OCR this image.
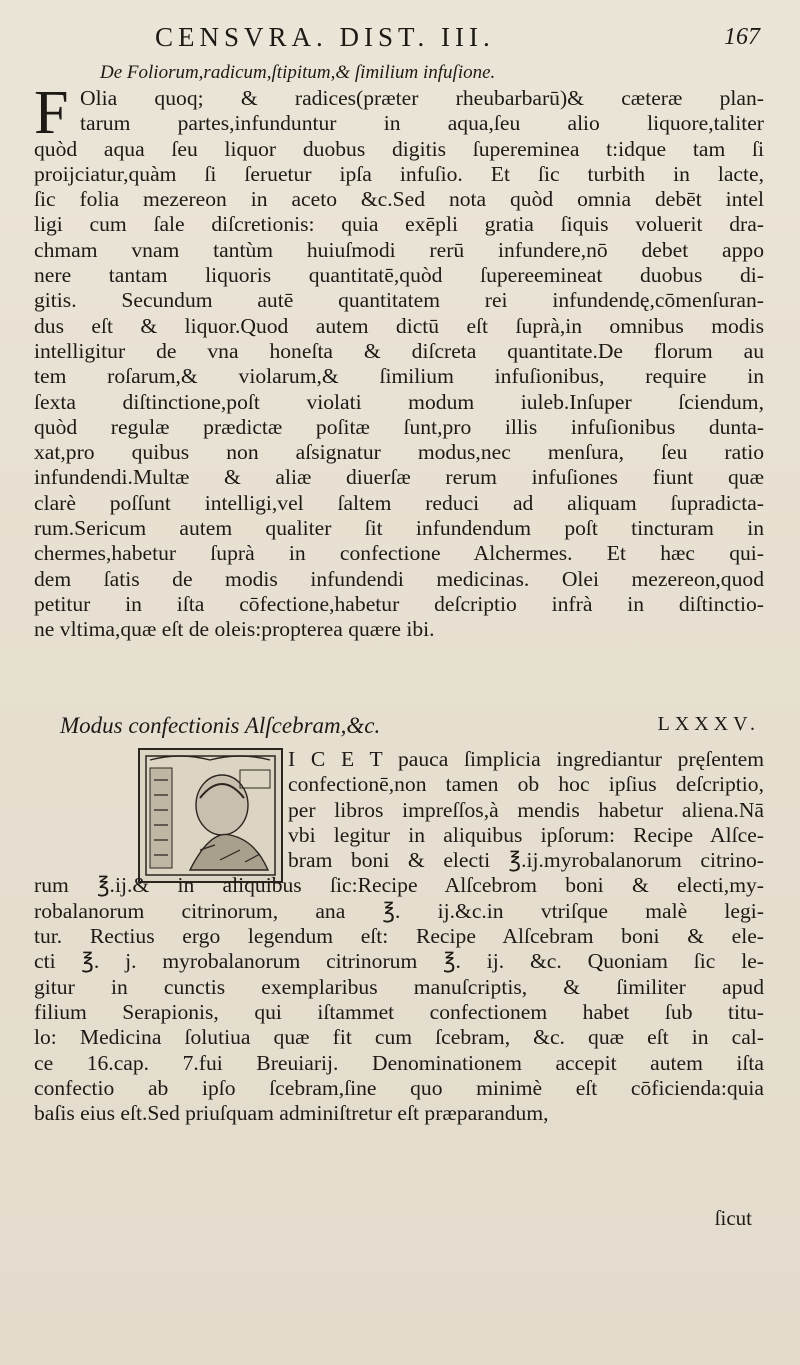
CENSVRA. DIST. III.	167
De Foliorum,radicum,ſtipitum,& ſimilium infuſione.
F Olia quoq; & radices(præter rheubarbarū)& cæteræ plan-
tarum partes,infunduntur in aqua,ſeu alio liquore,taliter
quòd aqua ſeu liquor duobus digitis ſupereminea t:idque tam ſi
proijciatur,quàm ſi ſeruetur ipſa infuſio. Et ſic turbith in lacte,
ſic folia mezereon in aceto &c.Sed nota quòd omnia debēt intel
ligi cum ſale diſcretionis: quia exēpli gratia ſiquis voluerit dra-
chmam vnam tantùm huiuſmodi rerū infundere,nō debet appo
nere tantam liquoris quantitatē,quòd ſupereemineat duobus di-
gitis. Secundum autē quantitatem rei infundendę,cōmenſuran-
dus eſt & liquor.Quod autem dictū eſt ſuprà,in omnibus modis
intelligitur de vna honeſta & diſcreta quantitate.De florum au
tem roſarum,& violarum,& ſimilium infuſionibus, require in
ſexta diſtinctione,poſt violati modum iuleb.Inſuper ſciendum,
quòd regulæ prædictæ poſitæ ſunt,pro illis infuſionibus dunta-
xat,pro quibus non aſsignatur modus,nec menſura, ſeu ratio
infundendi.Multæ & aliæ diuerſæ rerum infuſiones fiunt quæ
clarè poſſunt intelligi,vel ſaltem reduci ad aliquam ſupradicta-
rum.Sericum autem qualiter ſit infundendum poſt tincturam in
chermes,habetur ſuprà in confectione Alchermes. Et hæc qui-
dem ſatis de modis infundendi medicinas. Olei mezereon,quod
petitur in iſta cōfectione,habetur deſcriptio infrà in diſtinctio-
ne vltima,quæ eſt de oleis:propterea quære ibi.
Modus confectionis Alſcebram,&c.	LXXXV.
I C E T pauca ſimplicia ingrediantur pręſentem
confectionē,non tamen ob hoc ipſius deſcriptio,
per libros impreſſos,à mendis habetur aliena.Nā
vbi legitur in aliquibus ipſorum: Recipe Alſce-
bram boni & electi ℥.ij.myrobalanorum citrino-
rum ℥.ij.& in aliquibus ſic:Recipe Alſcebrom boni & electi,my-
robalanorum citrinorum, ana ℥. ij.&c.in vtriſque malè legi-
tur. Rectius ergo legendum eſt: Recipe Alſcebram boni & ele-
cti ℥. j. myrobalanorum citrinorum ℥. ij. &c. Quoniam ſic le-
gitur in cunctis exemplaribus manuſcriptis, & ſimiliter apud
filium Serapionis, qui iſtammet confectionem habet ſub titu-
lo: Medicina ſolutiua quæ fit cum ſcebram, &c. quæ eſt in cal-
ce 16.cap. 7.fui Breuiarij. Denominationem accepit autem iſta
confectio ab ipſo ſcebram,ſine quo minimè eſt cōficienda:quia
baſis eius eſt.Sed priuſquam adminiſtretur eſt præparandum,
ſicut
